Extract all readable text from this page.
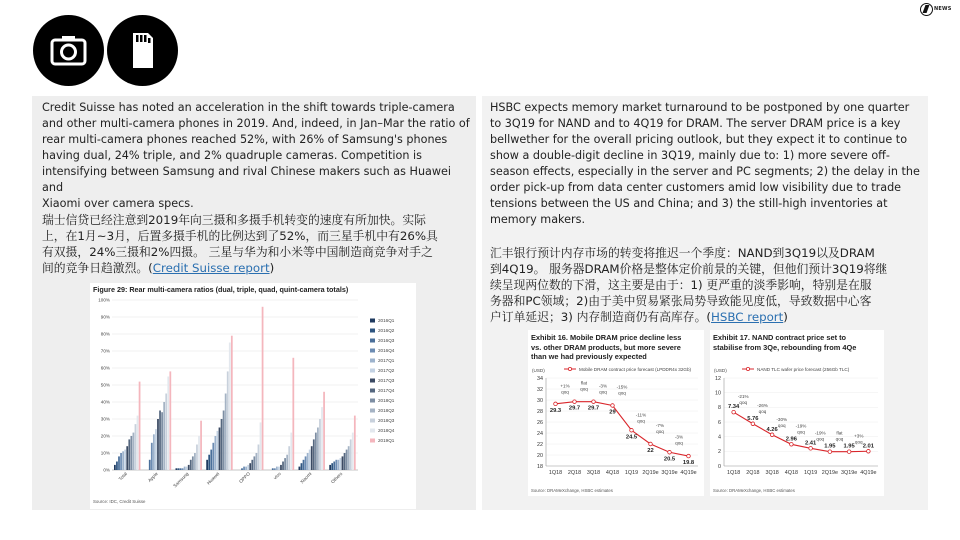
NEWS
Credit Suisse has noted an acceleration in the shift towards triple-camera
and other multi-camera phones in 2019. And, indeed, in Jan–Mar the ratio of
rear multi-camera phones reached 52%, with 26% of Samsung's phones
having dual, 24% triple, and 2% quadruple cameras. Competition is
intensifying between Samsung and rival Chinese makers such as Huawei and
Xiaomi over camera specs.
瑞士信贷已经注意到2019年向三摄和多摄手机转变的速度有所加快。实际
上，在1月~3月，后置多摄手机的比例达到了52%，而三星手机中有26%具
有双摄，24%三摄和2%四摄。 三星与华为和小米等中国制造商竞争对手之
间的竞争日趋激烈。(Credit Suisse report)
Figure 29: Rear multi-camera ratios (dual, triple, quad, quint-camera totals)
0%
10%
20%
30%
40%
50%
60%
70%
80%
90%
100%
Total	Apple	Samsung	Huawei	OPPO	vivo	Xiaomi	Others
2016Q1
2016Q2
2016Q3
2016Q4
2017Q1
2017Q2
2017Q3
2017Q4
2018Q1
2018Q2
2018Q3
2018Q4
2019Q1
Source: IDC, Credit Suisse
HSBC expects memory market turnaround to be postponed by one quarter
to 3Q19 for NAND and to 4Q19 for DRAM. The server DRAM price is a key
bellwether for the overall pricing outlook, but they expect it to continue to
show a double-digit decline in 3Q19, mainly due to: 1) more severe off-
season effects, especially in the server and PC segments; 2) the delay in the
order pick-up from data center customers amid low visibility due to trade
tensions between the US and China; and 3) the still-high inventories at
memory makers.
汇丰银行预计内存市场的转变将推迟一个季度：NAND到3Q19以及DRAM
到4Q19。 服务器DRAM价格是整体定价前景的关键，但他们预计3Q19将继
续呈现两位数的下滑，这主要是由于：1) 更严重的淡季影响，特别是在服
务器和PC领域；2)由于美中贸易紧张局势导致能见度低，导致数据中心客
户订单延迟；3) 内存制造商仍有高库存。(HSBC report)
Exhibit 16. Mobile DRAM price decline less
vs. other DRAM products, but more severe
than we had previously expected
(USD)	Mobile DRAM contract price forecast (LPDDR4x 32Gb)
18
20
22
24
26
28
30
32
34
1Q18 2Q18 3Q18 4Q18 1Q19 2Q19e 3Q19e 4Q19e
29.3 29.7 29.7
29
24.5
22
20.5
19.8
+1%
qoq
flat
qoq
-3%
qoq
-15%
qoq
-11%
qoq
-7%
qoq
-3%
qoq
Source: DRAMeXchange, HSBC estimates
Exhibit 17. NAND contract price set to
stabilise from 3Qe, rebounding from 4Qe
(USD)	NAND TLC wafer price forecast (256Gb TLC)
0
2
4
6
8
10
12
1Q18 2Q18 3Q18 4Q18 1Q19 2Q19e 3Q19e 4Q19e
7.34
5.76
4.26
2.96
2.41
1.95 1.95 2.01
-21%
qoq
-26%
qoq
-30%
qoq -19%
qoq -19%
qoq
flat
qoq
+3%
qoq
Source: DRAMeXchange, HSBC estimates
